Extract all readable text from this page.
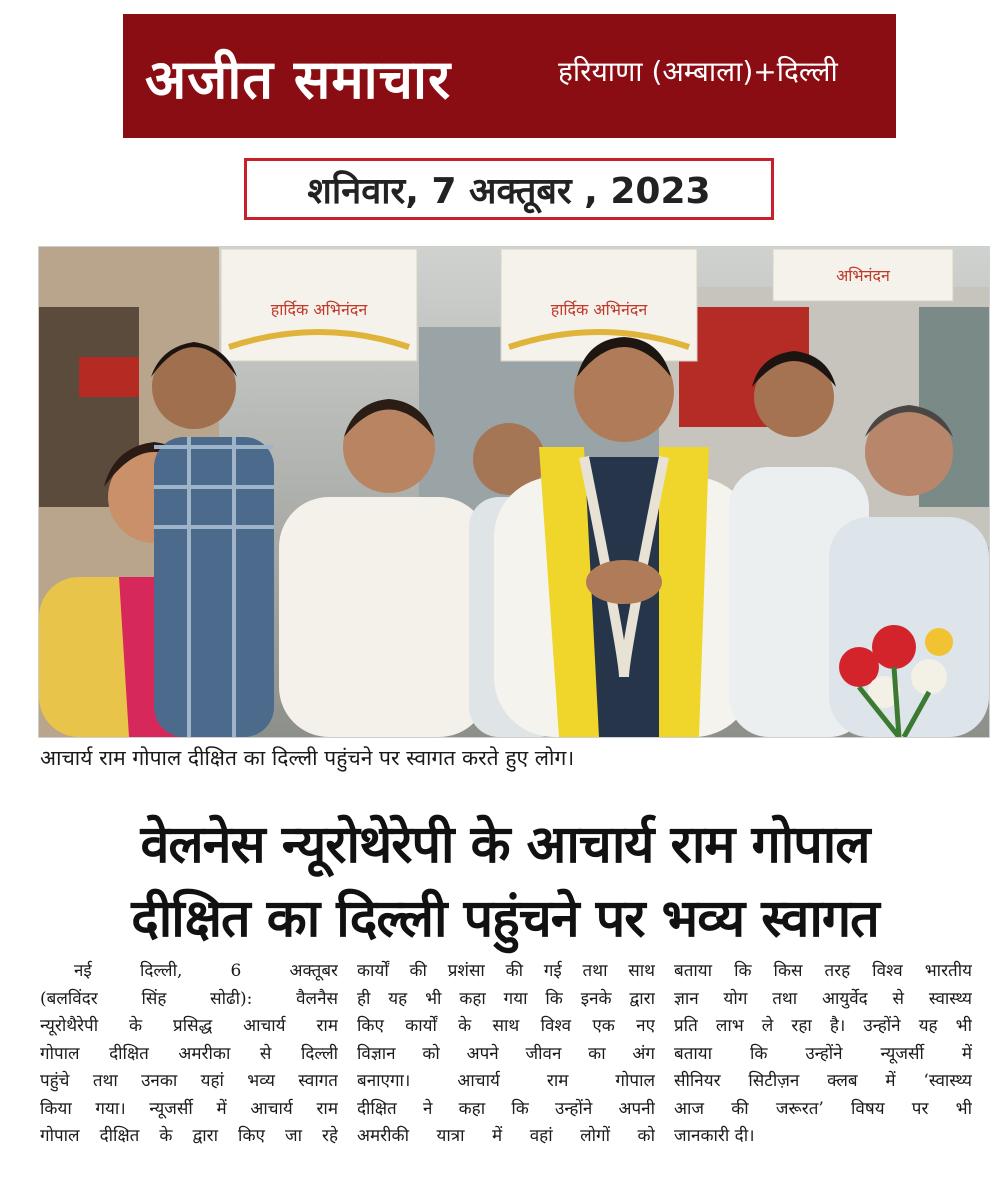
अजीत समाचार	हरियाणा (अम्बाला)+दिल्ली
शनिवार, 7 अक्तूबर , 2023
हार्दिक अभिनंदन	हार्दिक अभिनंदन
अभिनंदन
आचार्य राम गोपाल दीक्षित का दिल्ली पहुंचने पर स्वागत करते हुए लोग।
वेलनेस न्यूरोथेरेपी के आचार्य राम गोपाल
दीक्षित का दिल्ली पहुंचने पर भव्य स्वागत
नई दिल्ली, 6 अक्तूबर
(बलविंदर सिंह सोढी): वैलनैस
न्यूरोथैरेपी के प्रसिद्ध आचार्य राम
गोपाल दीक्षित अमरीका से दिल्ली
पहुंचे तथा उनका यहां भव्य स्वागत
किया गया। न्यूजर्सी में आचार्य राम
गोपाल दीक्षित के द्वारा किए जा रहे
कार्यों की प्रशंसा की गई तथा साथ
ही यह भी कहा गया कि इनके द्वारा
किए कार्यों के साथ विश्व एक नए
विज्ञान को अपने जीवन का अंग
बनाएगा। आचार्य राम गोपाल
दीक्षित ने कहा कि उन्होंने अपनी
अमरीकी यात्रा में वहां लोगों को
बताया कि किस तरह विश्व भारतीय
ज्ञान योग तथा आयुर्वेद से स्वास्थ्य
प्रति लाभ ले रहा है। उन्होंने यह भी
बताया कि उन्होंने न्यूजर्सी में
सीनियर सिटीज़न क्लब में ‘स्वास्थ्य
आज की जरूरत’ विषय पर भी
जानकारी दी।
